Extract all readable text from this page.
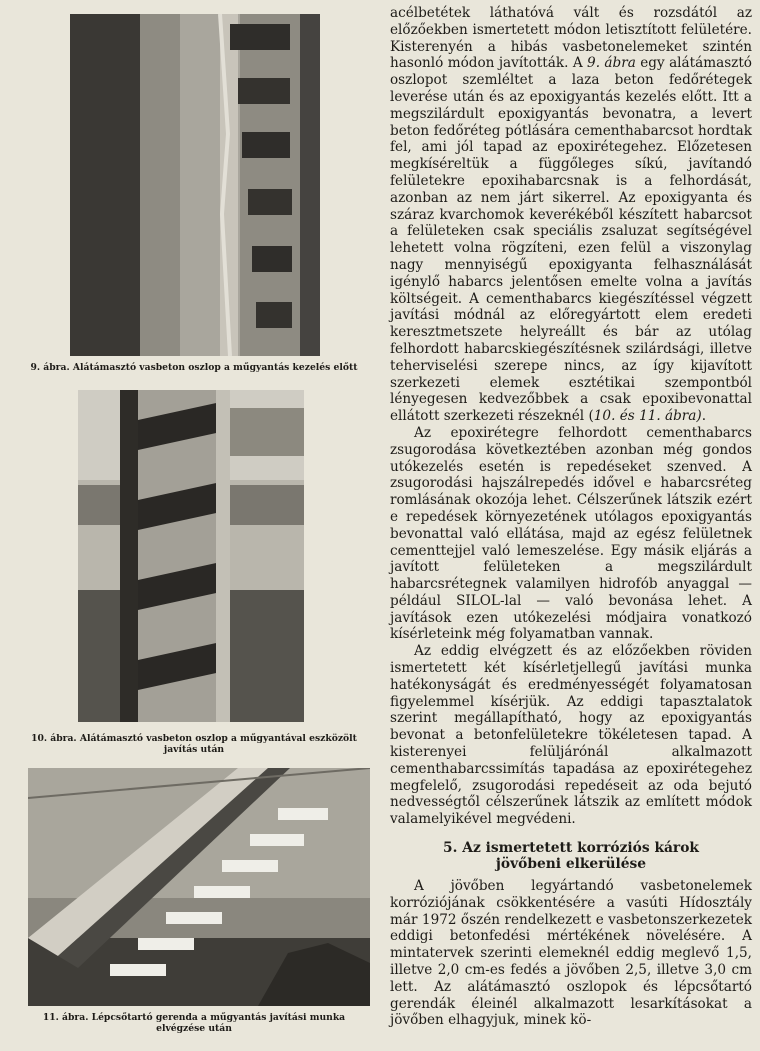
9. ábra. Alátámasztó vasbeton oszlop a műgyantás kezelés előtt
10. ábra. Alátámasztó vasbeton oszlop a műgyantával eszközölt
javítás után
11. ábra. Lépcsőtartó gerenda a műgyantás javítási munka
elvégzése után

acélbetétek láthatóvá vált és rozsdától az előzőekben ismertetett módon letisztított felületére. Kisterenyén a hibás vasbetonelemeket szintén hasonló módon javították. A 9. ábra egy alátámasztó oszlopot szemléltet a laza beton fedőrétegek leverése után és az epoxigyantás kezelés előtt. Itt a megszilárdult epoxigyantás bevonatra, a levert beton fedőréteg pótlására cementhabarcsot hordtak fel, ami jól tapad az epoxirétegehez. Előzetesen megkíséreltük a függőleges síkú, javítandó felületekre epoxihabarcsnak is a felhordását, azonban az nem járt sikerrel. Az epoxigyanta és száraz kvarchomok keverékéből készített habarcsot a felületeken csak speciális zsaluzat segítségével lehetett volna rögzíteni, ezen felül a viszonylag nagy mennyiségű epoxigyanta felhasználását igénylő habarcs jelentősen emelte volna a javítás költségeit. A cementhabarcs kiegészítéssel végzett javítási módnál az előregyártott elem eredeti keresztmetszete helyreállt és bár az utólag felhordott habarcskiegészítésnek szilárdsági, illetve teherviselési szerepe nincs, az így kijavított szerkezeti elemek esztétikai szempontból lényegesen kedvezőbbek a csak epoxibevonattal ellátott szerkezeti részeknél (10. és 11. ábra).

Az epoxirétegre felhordott cementhabarcs zsugorodása következtében azonban még gondos utókezelés esetén is repedéseket szenved. A zsugorodási hajszálrepedés idővel e habarcsréteg romlásának okozója lehet. Célszerűnek látszik ezért e repedések környezetének utólagos epoxigyantás bevonattal való ellátása, majd az egész felületnek cementtejjel való lemeszelése. Egy másik eljárás a javított felületeken a megszilárdult habarcsrétegnek valamilyen hidrofób anyaggal — például SILOL-lal — való bevonása lehet. A javítások ezen utókezelési módjaira vonatkozó kísérleteink még folyamatban vannak.

Az eddig elvégzett és az előzőekben röviden ismertetett két kísérletjellegű javítási munka hatékonyságát és eredményességét folyamatosan figyelemmel kísérjük. Az eddigi tapasztalatok szerint megállapítható, hogy az epoxigyantás bevonat a betonfelületekre tökéletesen tapad. A kisterenyei felüljárónál alkalmazott cementhabarcssimítás tapadása az epoxirétegehez megfelelő, zsugorodási repedéseit az oda bejutó nedvességtől célszerűnek látszik az említett módok valamelyikével megvédeni.

5. Az ismertetett korróziós károk
jövőbeni elkerülése

A jövőben legyártandó vasbetonelemek korróziójának csökkentésére a vasúti Hídosztály már 1972 őszén rendelkezett e vasbetonszerkezetek eddigi betonfedési mértékének növelésére. A mintatervek szerinti elemeknél eddig meglevő 1,5, illetve 2,0 cm-es fedés a jövőben 2,5, illetve 3,0 cm lett. Az alátámasztó oszlopok és lépcsőtartó gerendák éleinél alkalmazott lesarkításokat a jövőben elhagyjuk, minek kö-
